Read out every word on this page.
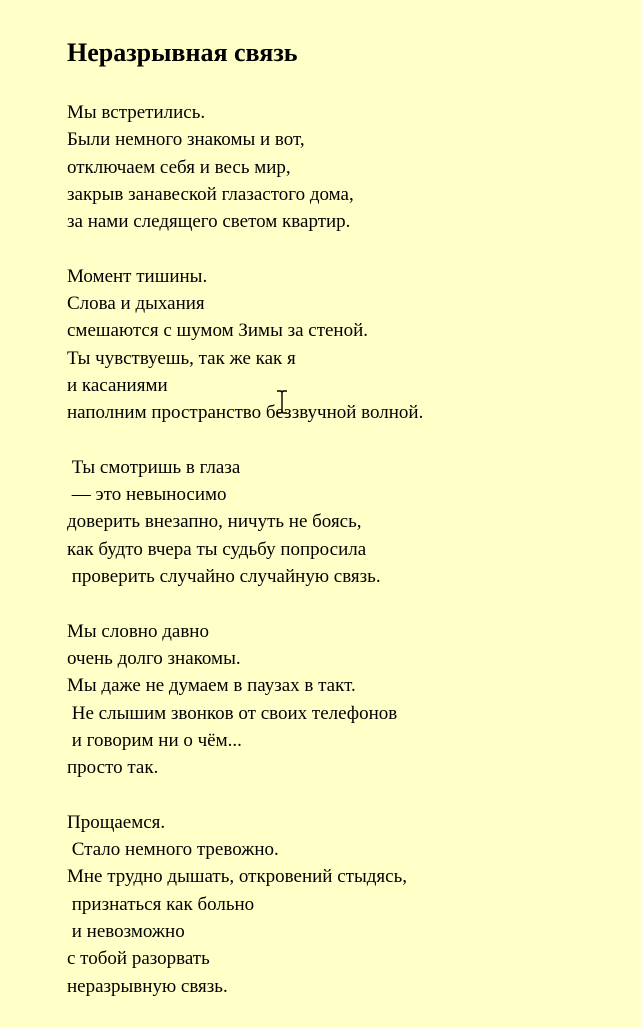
Неразрывная связь
Мы встретились.
Были немного знакомы и вот,
отключаем себя и весь мир,
закрыв занавеской глазастого дома,
за нами следящего светом квартир.
Момент тишины.
Слова и дыхания
смешаются с шумом Зимы за стеной.
Ты чувствуешь, так же как я
и касаниями
наполним пространство беззвучной волной.
Ты смотришь в глаза
— это невыносимо
доверить внезапно, ничуть не боясь,
как будто вчера ты судьбу попросила
проверить случайно случайную связь.
Мы словно давно
очень долго знакомы.
Мы даже не думаем в паузах в такт.
Не слышим звонков от своих телефонов
и говорим ни о чём...
просто так.
Прощаемся.
Стало немного тревожно.
Мне трудно дышать, откровений стыдясь,
признаться как больно
и невозможно
с тобой разорвать
неразрывную связь.
